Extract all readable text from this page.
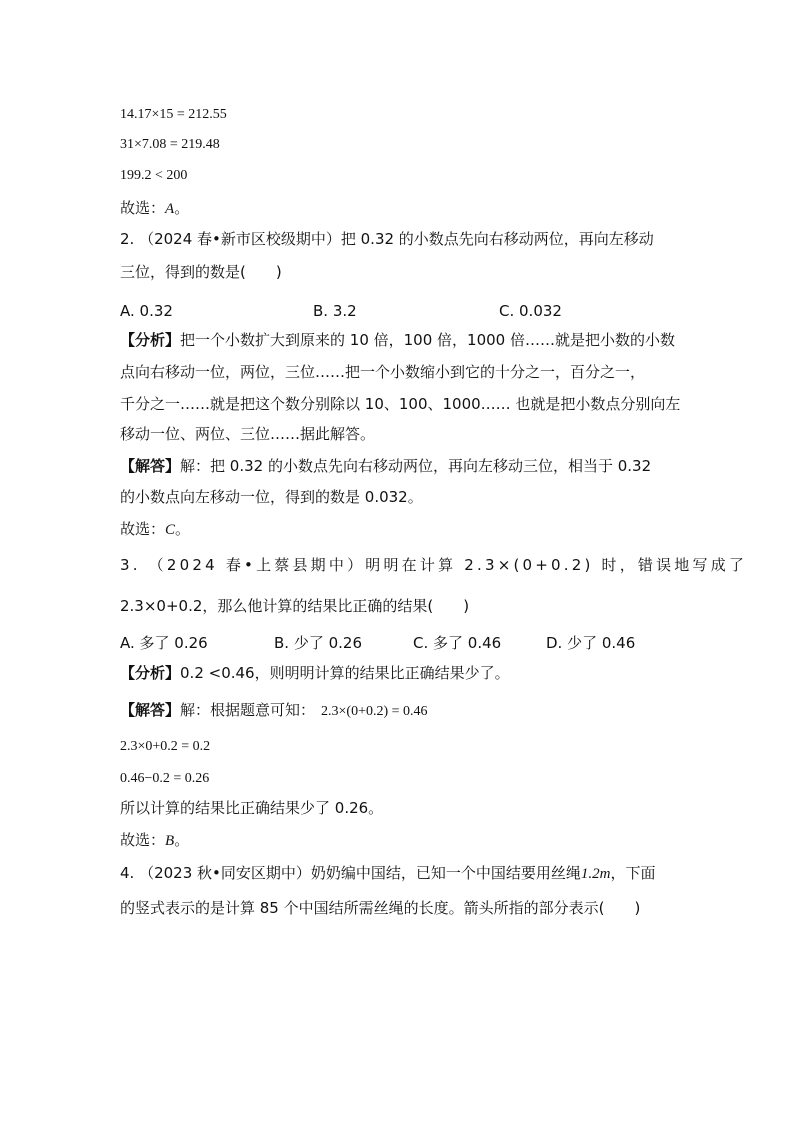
14.17×15 = 212.55
31×7.08 = 219.48
199.2 < 200
故选：A。
2. （2024 春•新市区校级期中）把 0.32 的小数点先向右移动两位，再向左移动
三位，得到的数是(　　)
A. 0.32	B. 3.2	C. 0.032
【分析】把一个小数扩大到原来的 10 倍，100 倍，1000 倍……就是把小数的小数
点向右移动一位，两位，三位……把一个小数缩小到它的十分之一，百分之一，
千分之一……就是把这个数分别除以 10、100、1000…… 也就是把小数点分别向左
移动一位、两位、三位……据此解答。
【解答】解：把 0.32 的小数点先向右移动两位，再向左移动三位，相当于 0.32
的小数点向左移动一位，得到的数是 0.032。
故选：C。
3. （2024 春•上蔡县期中）明明在计算 2.3×(0+0.2) 时，错误地写成了
2.3×0+0.2，那么他计算的结果比正确的结果(　　)
A. 多了 0.26	B. 少了 0.26	C. 多了 0.46	D. 少了 0.46
【分析】0.2 <0.46，则明明计算的结果比正确结果少了。
【解答】解：根据题意可知： 2.3×(0+0.2) = 0.46
2.3×0+0.2 = 0.2
0.46−0.2 = 0.26
所以计算的结果比正确结果少了 0.26。
故选：B。
4. （2023 秋•同安区期中）奶奶编中国结，已知一个中国结要用丝绳1.2m，下面
的竖式表示的是计算 85 个中国结所需丝绳的长度。箭头所指的部分表示(　　)
